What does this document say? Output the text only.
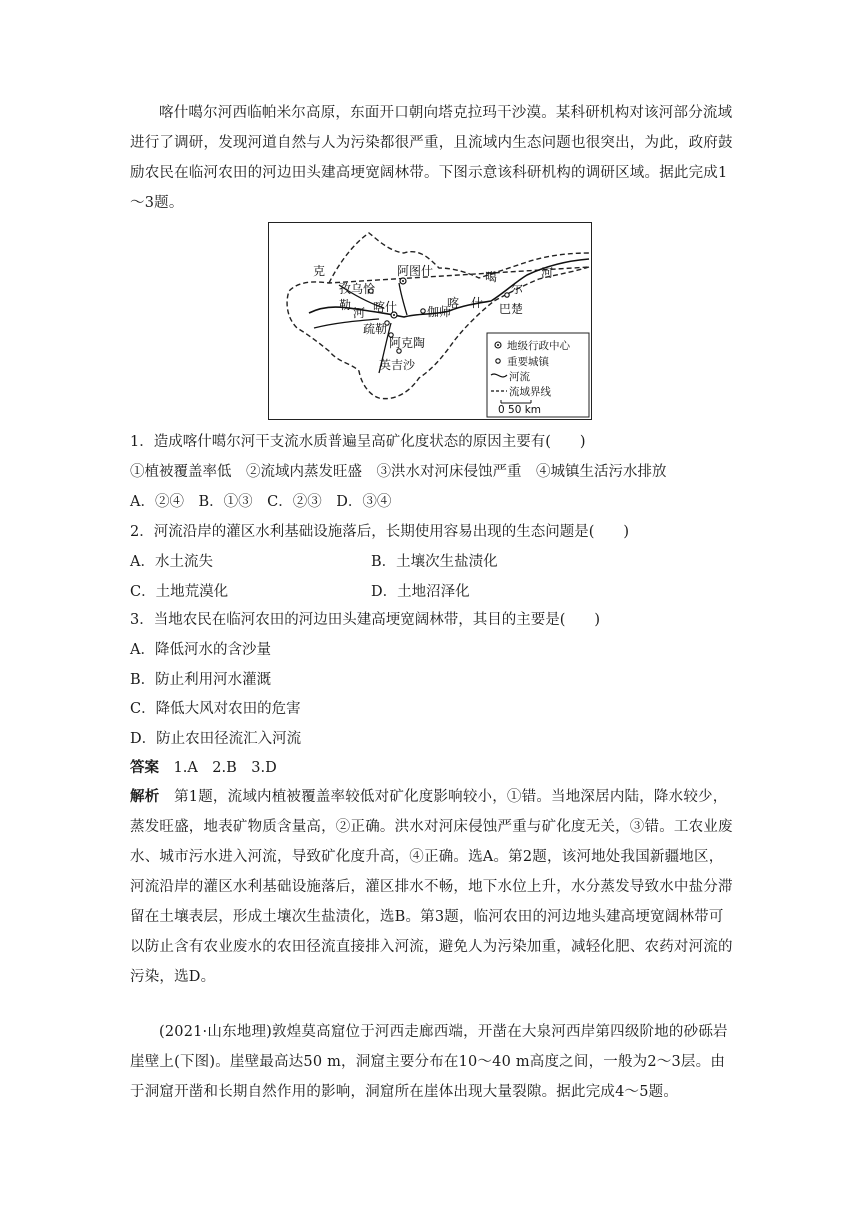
喀什噶尔河西临帕米尔高原，东面开口朝向塔克拉玛干沙漠。某科研机构对该河部分流域进行了调研，发现河道自然与人为污染都很严重，且流域内生态问题也很突出，为此，政府鼓励农民在临河农田的河边田头建高埂宽阔林带。下图示意该科研机构的调研区域。据此完成1～3题。

克
孜乌恰
阿图什
勒
河 喀什 伽师
喀 什
噶
尔
河
巴楚
疏勒
阿克陶
英吉沙
地级行政中心
重要城镇
河流
流域界线
0 50 km
1．造成喀什噶尔河干支流水质普遍呈高矿化度状态的原因主要有(　　)
①植被覆盖率低　②流域内蒸发旺盛　③洪水对河床侵蚀严重　④城镇生活污水排放
A．②④　B．①③　C．②③　D．③④
2．河流沿岸的灌区水利基础设施落后，长期使用容易出现的生态问题是(　　)
A．水土流失	B．土壤次生盐渍化
C．土地荒漠化	D．土地沼泽化
3．当地农民在临河农田的河边田头建高埂宽阔林带，其目的主要是(　　)
A．降低河水的含沙量
B．防止利用河水灌溉
C．降低大风对农田的危害
D．防止农田径流汇入河流
答案　1.A　2.B　3.D

解析　第1题，流域内植被覆盖率较低对矿化度影响较小，①错。当地深居内陆，降水较少，蒸发旺盛，地表矿物质含量高，②正确。洪水对河床侵蚀严重与矿化度无关，③错。工农业废水、城市污水进入河流，导致矿化度升高，④正确。选A。第2题，该河地处我国新疆地区，河流沿岸的灌区水利基础设施落后，灌区排水不畅，地下水位上升，水分蒸发导致水中盐分滞留在土壤表层，形成土壤次生盐渍化，选B。第3题，临河农田的河边地头建高埂宽阔林带可以防止含有农业废水的农田径流直接排入河流，避免人为污染加重，减轻化肥、农药对河流的污染，选D。

(2021·山东地理)敦煌莫高窟位于河西走廊西端，开凿在大泉河西岸第四级阶地的砂砾岩崖壁上(下图)。崖壁最高达50 m，洞窟主要分布在10～40 m高度之间，一般为2～3层。由于洞窟开凿和长期自然作用的影响，洞窟所在崖体出现大量裂隙。据此完成4～5题。
